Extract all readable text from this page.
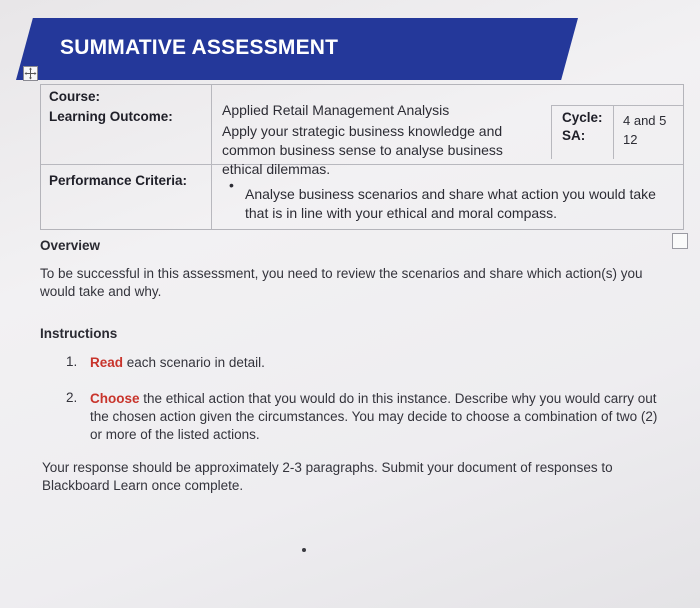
SUMMATIVE ASSESSMENT
Course:
Learning Outcome:	Applied Retail Management Analysis
Apply your strategic business knowledge and common business sense to analyse business ethical dilemmas.
Cycle:
SA:
4 and 5
12
Performance Criteria:	•
Analyse business scenarios and share what action you would take that is in line with your ethical and moral compass.
Overview
To be successful in this assessment, you need to review the scenarios and share which action(s) you would take and why.
Instructions
1. Read each scenario in detail.
2. Choose the ethical action that you would do in this instance. Describe why you would carry out the chosen action given the circumstances. You may decide to choose a combination of two (2) or more of the listed actions.
Your response should be approximately 2-3 paragraphs. Submit your document of responses to Blackboard Learn once complete.
